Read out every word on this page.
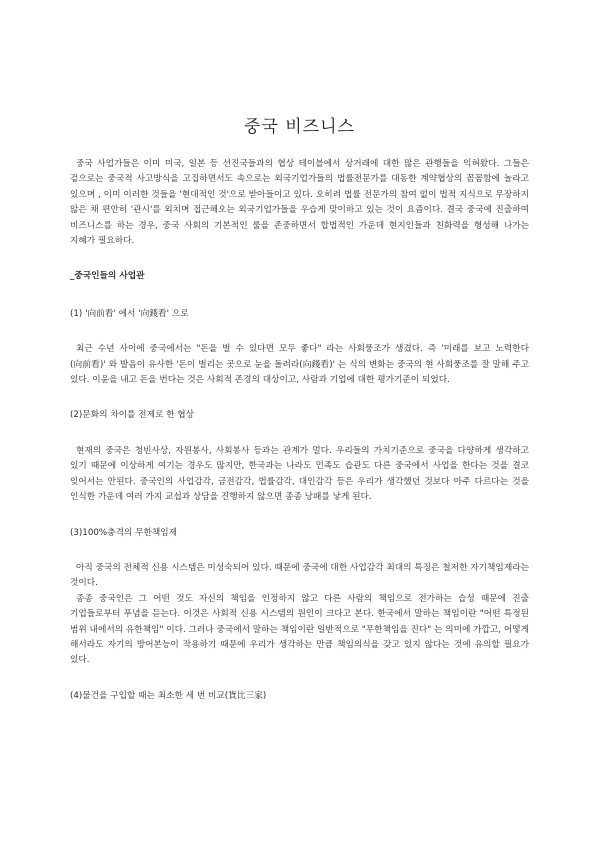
중국 비즈니스

중국 사업가들은 이미 미국, 일본 등 선진국들과의 협상 테이블에서 상거래에 대한 많은 관행들을 익혀왔다. 그들은 겉으로는 중국적 사고방식을 고집하면서도 속으로는 외국기업가들의 법률전문가를 대동한 계약협상의 꼼꼼함에 놀라고 있으며 , 이미 이러한 것들을 '현대적인 것'으로 받아들이고 있다. 오히려 법률 전문가의 참여 없이 법적 지식으로 무장하지 않은 채 편안히 '관시'를 외치며 접근해오는 외국기업가들을 우습게 맞이하고 있는 것이 요즘이다. 결국 중국에 진출하여 비즈니스를 하는 경우, 중국 사회의 기본적인 룰을 존중하면서 합법적인 가운데 현지인들과 친화력을 형성해 나가는 지혜가 필요하다.

_중국인들의 사업관

(1) '向前看' 에서 '向錢看' 으로

최근 수년 사이에 중국에서는 "돈을 벌 수 있다면 모두 좋다" 라는 사회풍조가 생겼다. 즉 '미래를 보고 노력한다(向前看)' 와 발음이 유사한 '돈이 벌리는 곳으로 눈을 돌려라(向錢看)' 는 식의 변화는 중국의 현 사회풍조를 잘 말해 주고 있다. 이윤을 내고 돈을 번다는 것은 사회적 존경의 대상이고, 사람과 기업에 대한 평가기준이 되었다.

(2)문화의 차이를 전제로 한 협상

현재의 중국은 청빈사상, 자원봉사, 사회봉사 등과는 관계가 멀다. 우리들의 가치기준으로 중국을 다양하게 생각하고 있기 때문에 이상하게 여기는 경우도 많지만, 한국과는 나라도 민족도 습관도 다른 중국에서 사업을 한다는 것을 결코 잊어서는 안된다. 중국인의 사업감각, 금전감각, 법률감각, 대인감각 등은 우리가 생각했던 것보다 아주 다르다는 것을 인식한 가운데 여러 가지 교섭과 상담을 진행하지 않으면 종종 낭패를 낳게 된다.

(3)100%충격의 무한책임제

아직 중국의 전체적 신용 시스템은 미성숙되어 있다. 때문에 중국에 대한 사업감각 최대의 특징은 철저한 자기책임제라는 것이다.

종종 중국인은 그 어떤 것도 자신의 책임을 인정하지 않고 다른 사람의 책임으로 전가하는 습성 때문에 진출 기업들로부터 푸념을 듣는다. 이것은 사회적 신용 시스템의 원인이 크다고 본다. 한국에서 말하는 책임이란 "어떤 특정된 범위 내에서의 유한책임" 이다. 그러나 중국에서 말하는 책임이란 일반적으로 "무한책임을 진다" 는 의미에 가깝고, 어떻게 해서라도 자기의 방어본능이 작용하기 때문에 우리가 생각하는 만큼 책임의식을 갖고 있지 않다는 것에 유의할 필요가 있다.

(4)물건을 구입할 때는 최소한 세 번 비교(貨比三家)
